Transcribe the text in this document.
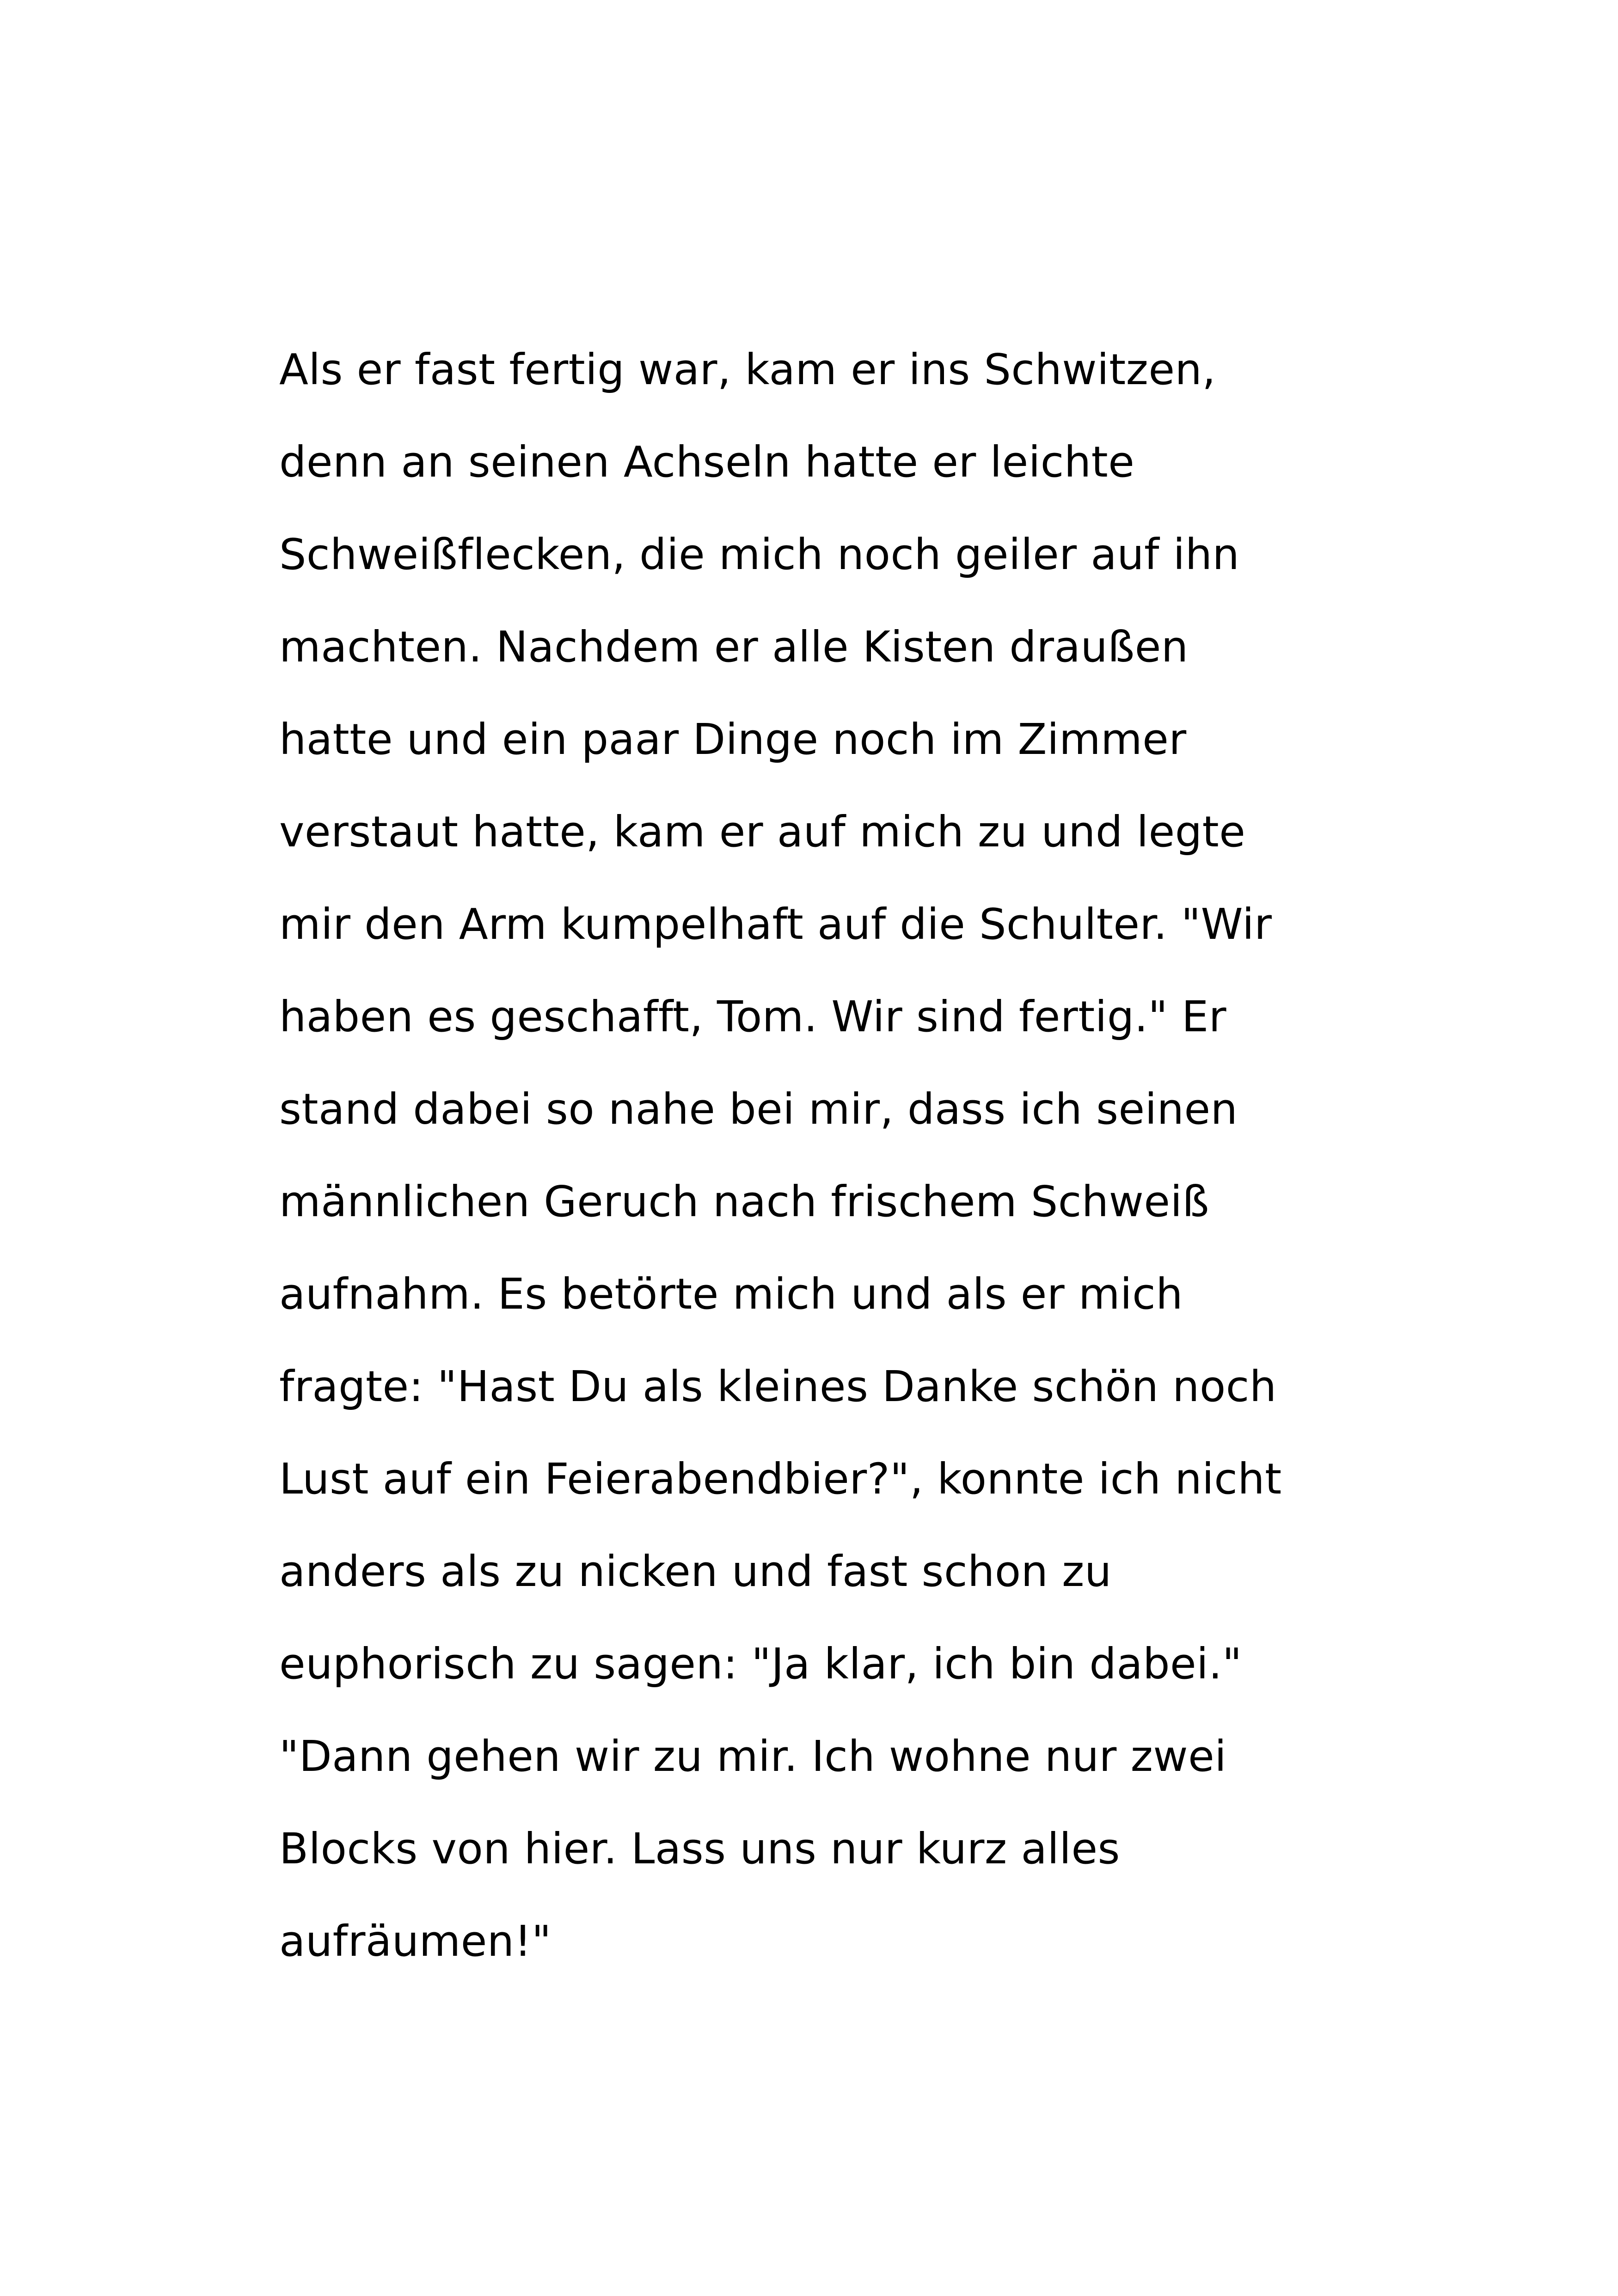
Als er fast fertig war, kam er ins Schwitzen,
denn an seinen Achseln hatte er leichte
Schweißflecken, die mich noch geiler auf ihn
machten. Nachdem er alle Kisten draußen
hatte und ein paar Dinge noch im Zimmer
verstaut hatte, kam er auf mich zu und legte
mir den Arm kumpelhaft auf die Schulter. "Wir
haben es geschafft, Tom. Wir sind fertig." Er
stand dabei so nahe bei mir, dass ich seinen
männlichen Geruch nach frischem Schweiß
aufnahm. Es betörte mich und als er mich
fragte: "Hast Du als kleines Danke schön noch
Lust auf ein Feierabendbier?", konnte ich nicht
anders als zu nicken und fast schon zu
euphorisch zu sagen: "Ja klar, ich bin dabei."
"Dann gehen wir zu mir. Ich wohne nur zwei
Blocks von hier. Lass uns nur kurz alles
aufräumen!"
